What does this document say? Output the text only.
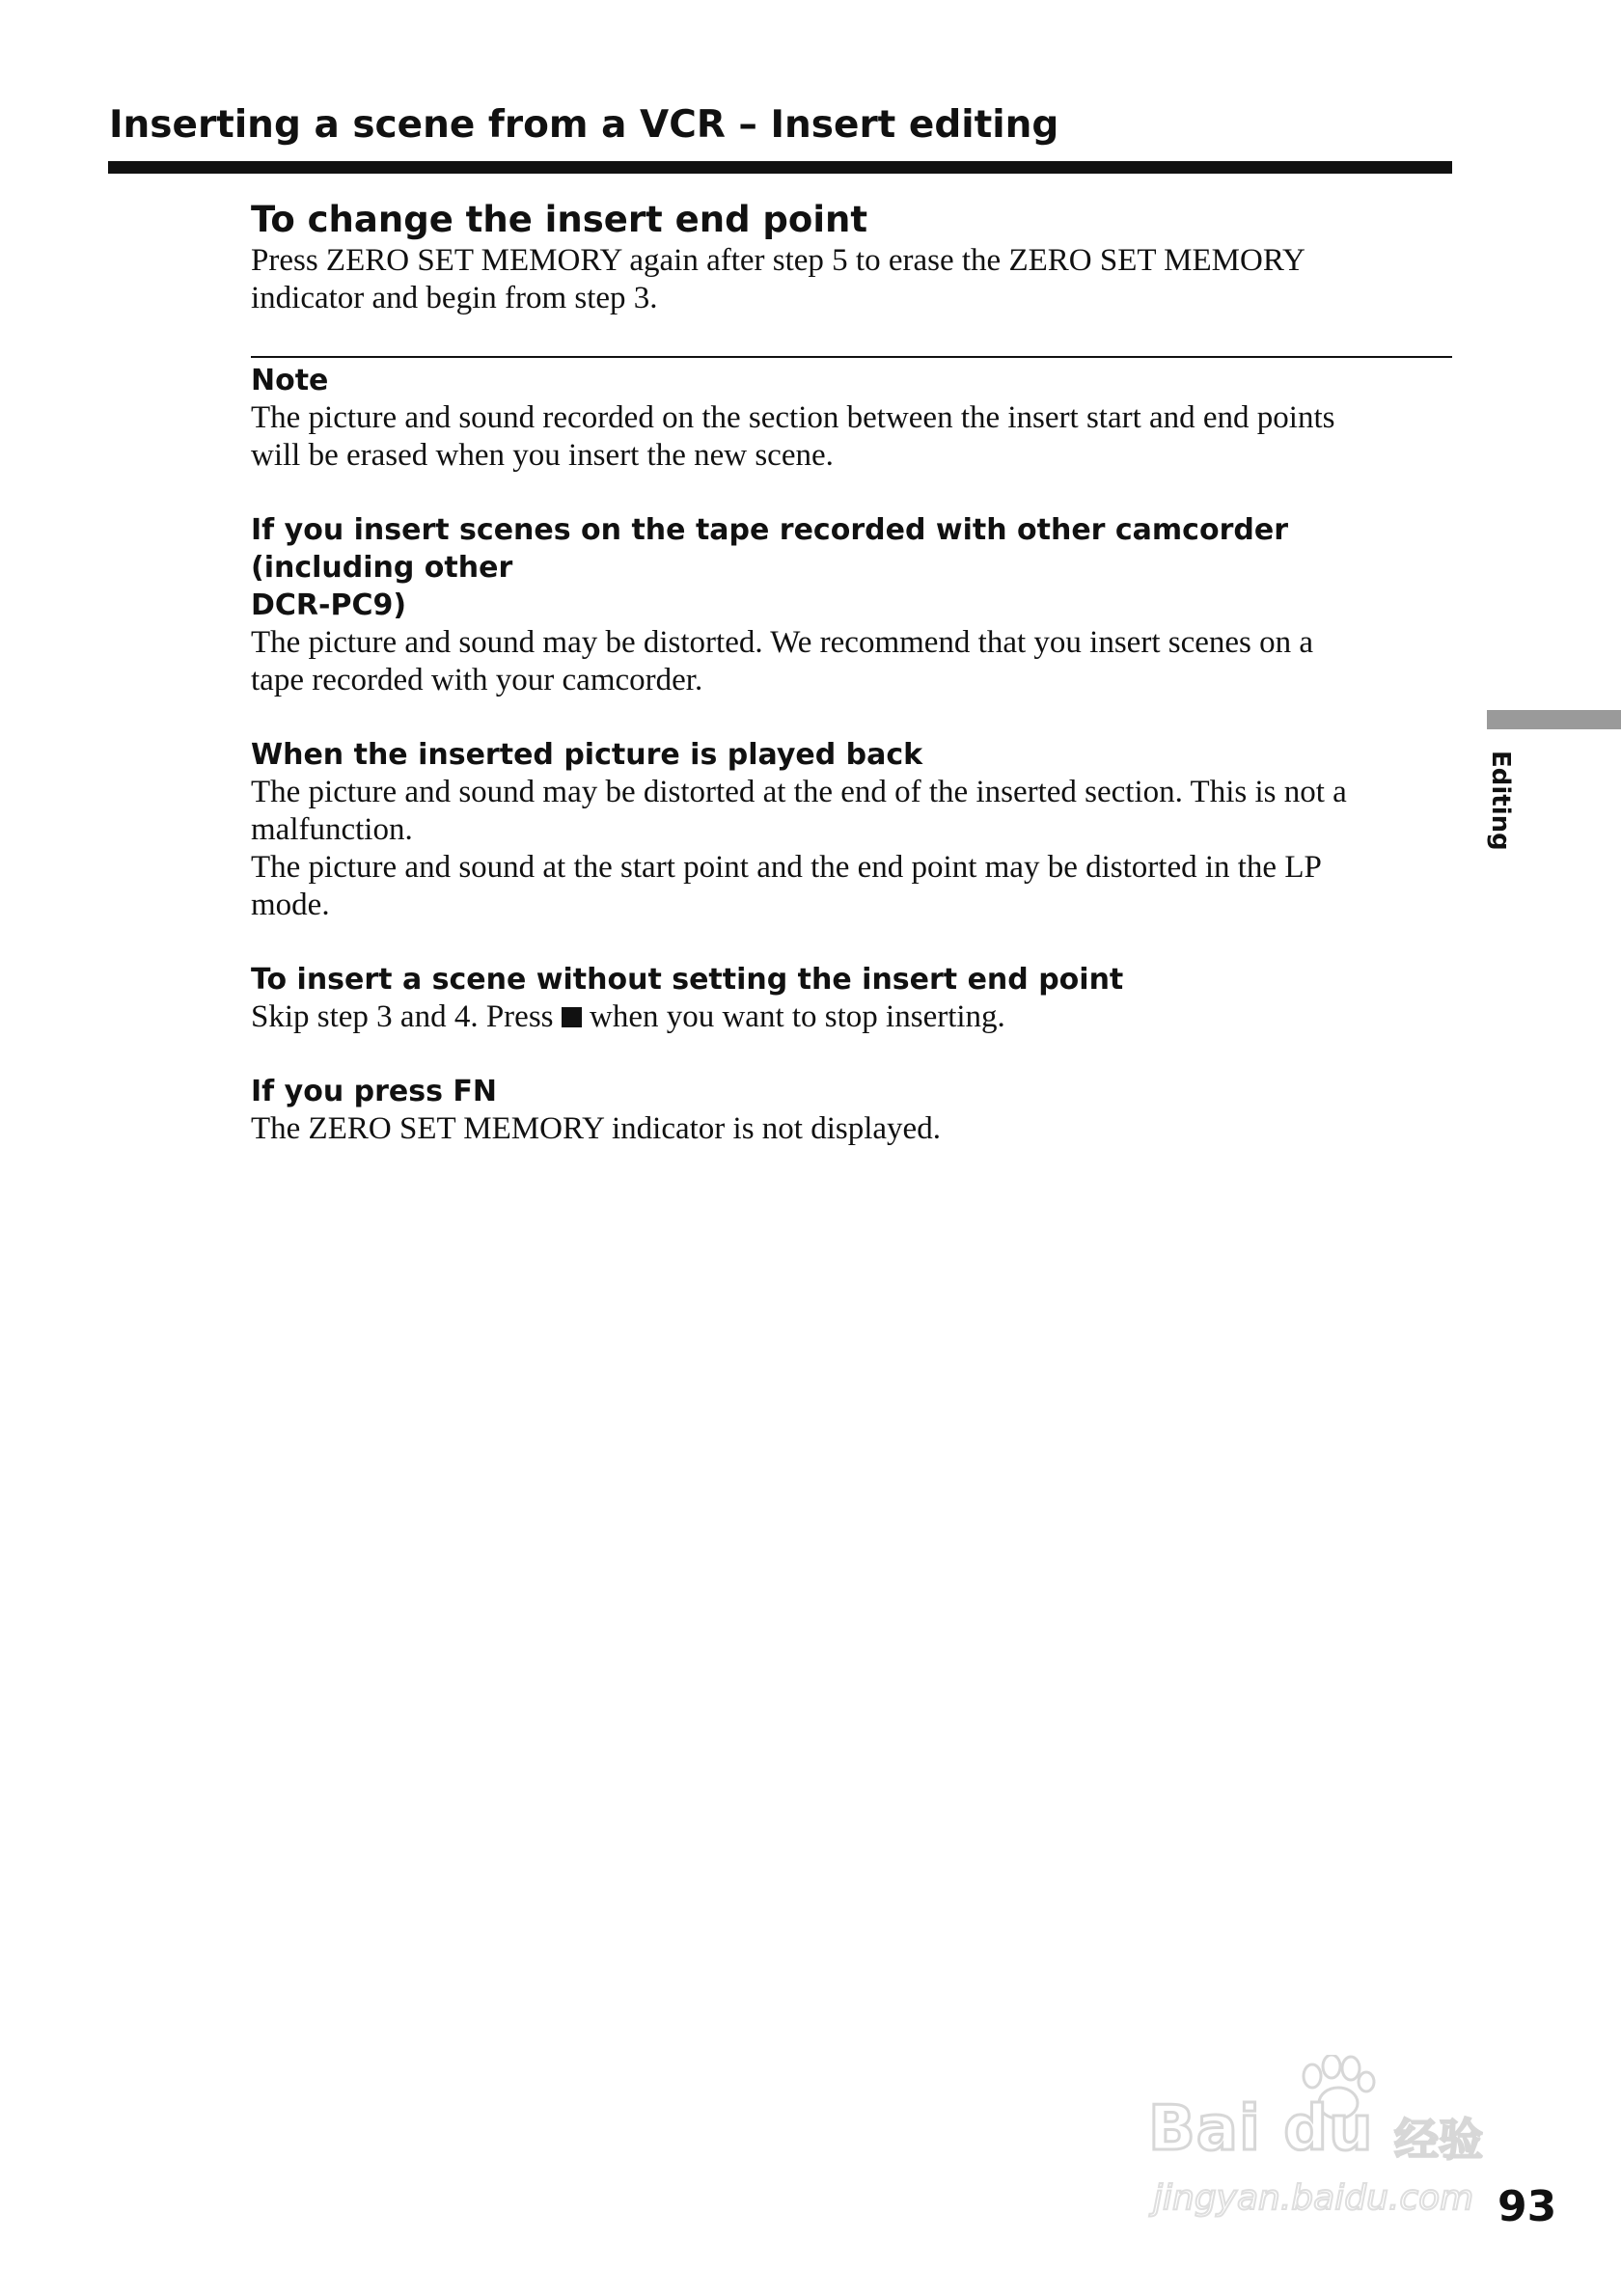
Inserting a scene from a VCR – Insert editing
To change the insert end point

Press ZERO SET MEMORY again after step 5 to erase the ZERO SET MEMORY

indicator and begin from step 3.

Note

The picture and sound recorded on the section between the insert start and end points

will be erased when you insert the new scene.

If you insert scenes on the tape recorded with other camcorder (including other

DCR-PC9)

The picture and sound may be distorted. We recommend that you insert scenes on a

tape recorded with your camcorder.

When the inserted picture is played back

The picture and sound may be distorted at the end of the inserted section. This is not a

malfunction.

The picture and sound at the start point and the end point may be distorted in the LP

mode.

To insert a scene without setting the insert end point

Skip step 3 and 4. Press when you want to stop inserting.

If you press FN

The ZERO SET MEMORY indicator is not displayed.

Editing
Bai du 经验
jingyan.baidu.com 93
